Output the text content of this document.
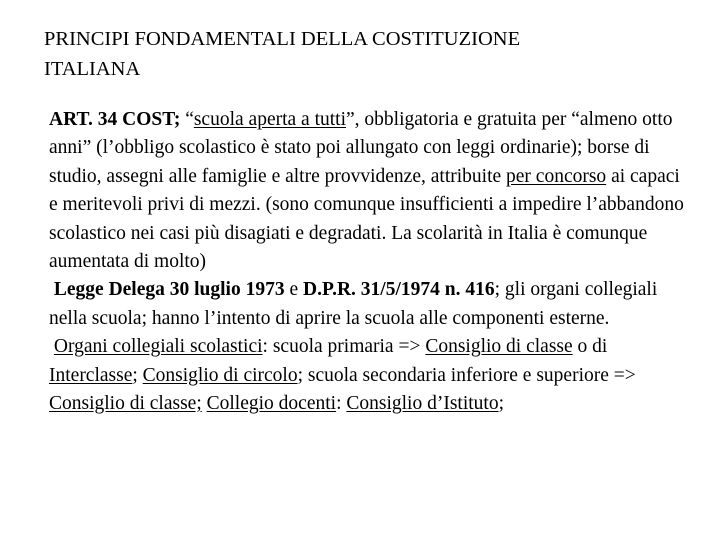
PRINCIPI FONDAMENTALI DELLA COSTITUZIONE
ITALIANA

ART. 34 COST; “scuola aperta a tutti”, obbligatoria e gratuita per “almeno otto anni” (l’obbligo scolastico è stato poi allungato con leggi ordinarie); borse di studio, assegni alle famiglie e altre provvidenze, attribuite per concorso ai capaci e meritevoli privi di mezzi. (sono comunque insufficienti a impedire l’abbandono scolastico nei casi più disagiati e degradati. La scolarità in Italia è comunque aumentata di molto)

Legge Delega 30 luglio 1973 e D.P.R. 31/5/1974 n. 416; gli organi collegiali nella scuola; hanno l’intento di aprire la scuola alle componenti esterne.

Organi collegiali scolastici: scuola primaria => Consiglio di classe o di Interclasse; Consiglio di circolo; scuola secondaria inferiore e superiore => Consiglio di classe; Collegio docenti: Consiglio d’Istituto;
